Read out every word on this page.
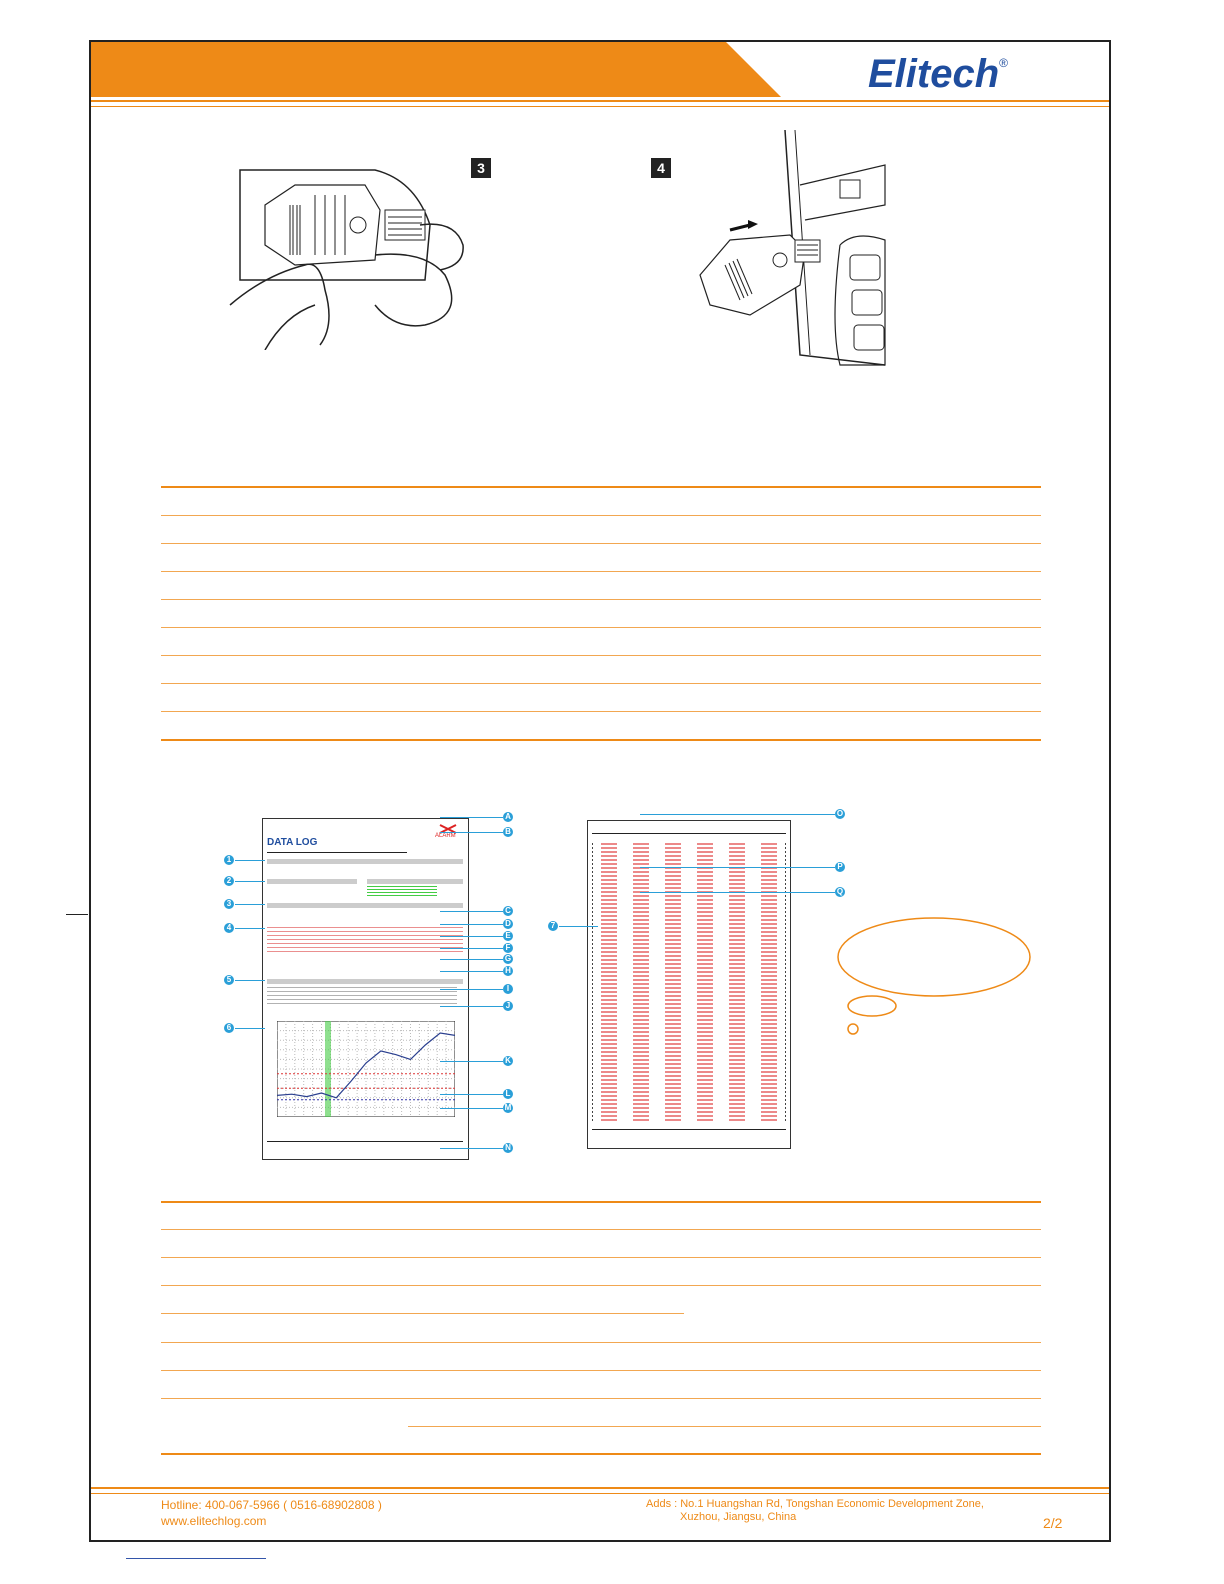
Elitech®
3	4
DATA LOG
ALARM
1
2
3
4
5
6
A
B
C
D
E
F
G
H
I
J
K
L
M
N
O
P
Q
7
Hotline: 400-067-5966 ( 0516-68902808 )
www.elitechlog.com
Adds : No.1 Huangshan Rd, Tongshan Economic Development Zone,
Xuzhou, Jiangsu, China	2/2
